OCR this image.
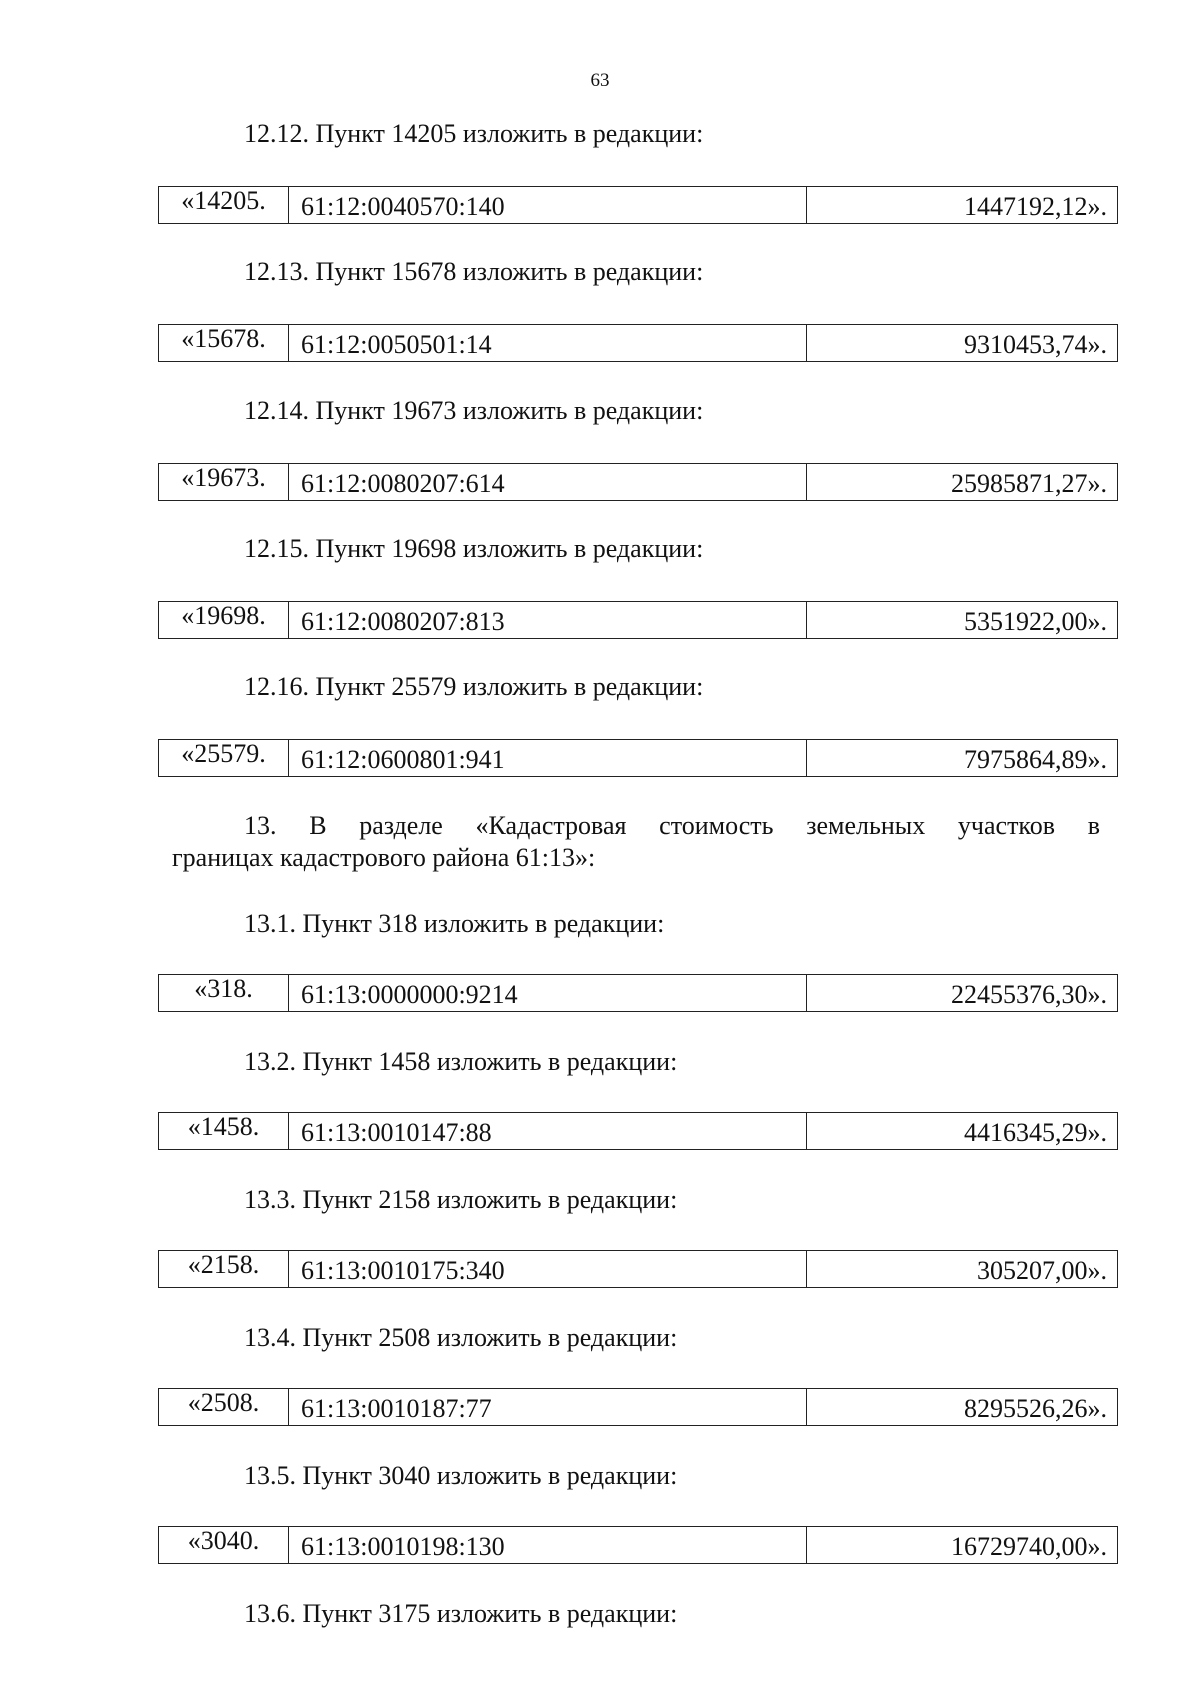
63
12.12. Пункт 14205 изложить в редакции:
«14205.	61:12:0040570:140	1447192,12».
12.13. Пункт 15678 изложить в редакции:
«15678.	61:12:0050501:14	9310453,74».
12.14. Пункт 19673 изложить в редакции:
«19673.	61:12:0080207:614	25985871,27».
12.15. Пункт 19698 изложить в редакции:
«19698.	61:12:0080207:813	5351922,00».
12.16. Пункт 25579 изложить в редакции:
«25579.	61:12:0600801:941	7975864,89».
13. В разделе «Кадастровая стоимость земельных участков в
границах кадастрового района 61:13»:
13.1. Пункт 318 изложить в редакции:
«318.	61:13:0000000:9214	22455376,30».
13.2. Пункт 1458 изложить в редакции:
«1458.	61:13:0010147:88	4416345,29».
13.3. Пункт 2158 изложить в редакции:
«2158.	61:13:0010175:340	305207,00».
13.4. Пункт 2508 изложить в редакции:
«2508.	61:13:0010187:77	8295526,26».
13.5. Пункт 3040 изложить в редакции:
«3040.	61:13:0010198:130	16729740,00».
13.6. Пункт 3175 изложить в редакции:
